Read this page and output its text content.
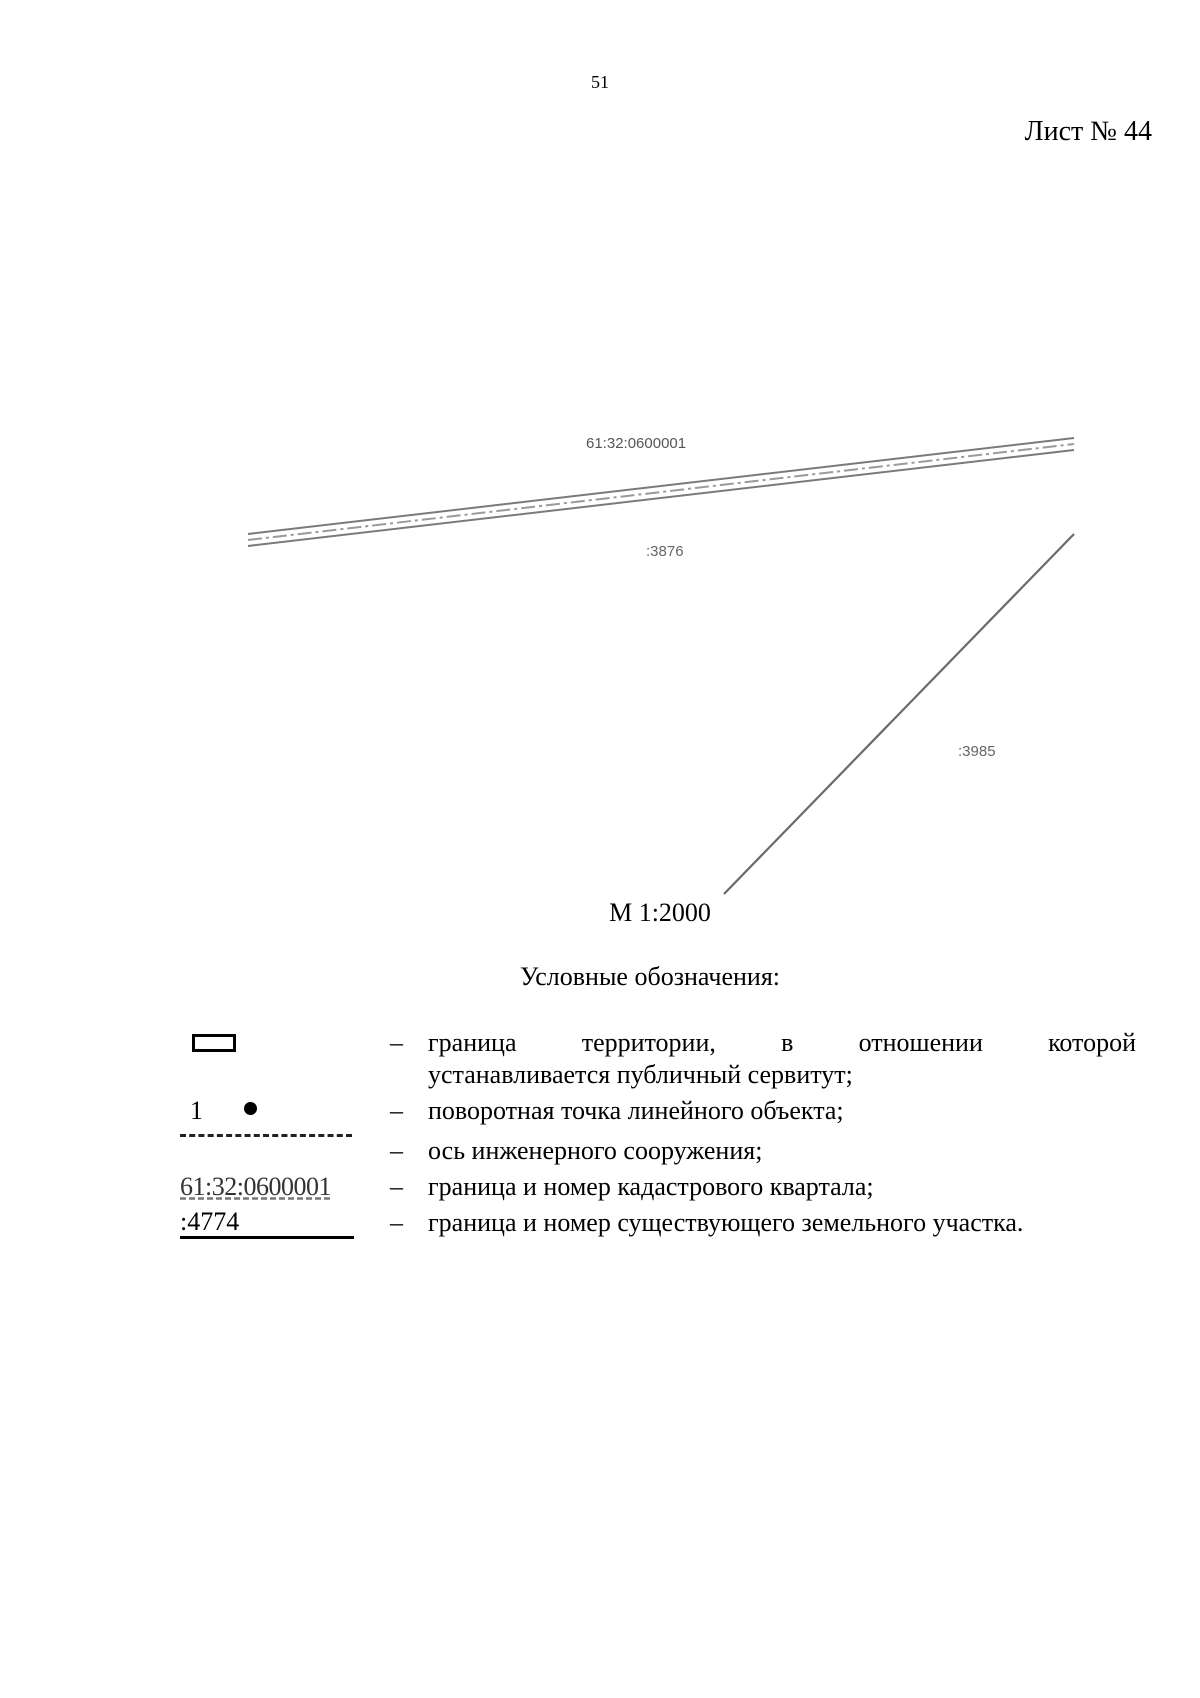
51
Лист № 44
61:32:0600001
:3876
:3985
М 1:2000
Условные обозначения:
– граница территории, в отношении которой
устанавливается публичный сервитут;
1	– поворотная точка линейного объекта;
– ось инженерного сооружения;
61:32:0600001	– граница и номер кадастрового квартала;
:4774	– граница и номер существующего земельного участка.
